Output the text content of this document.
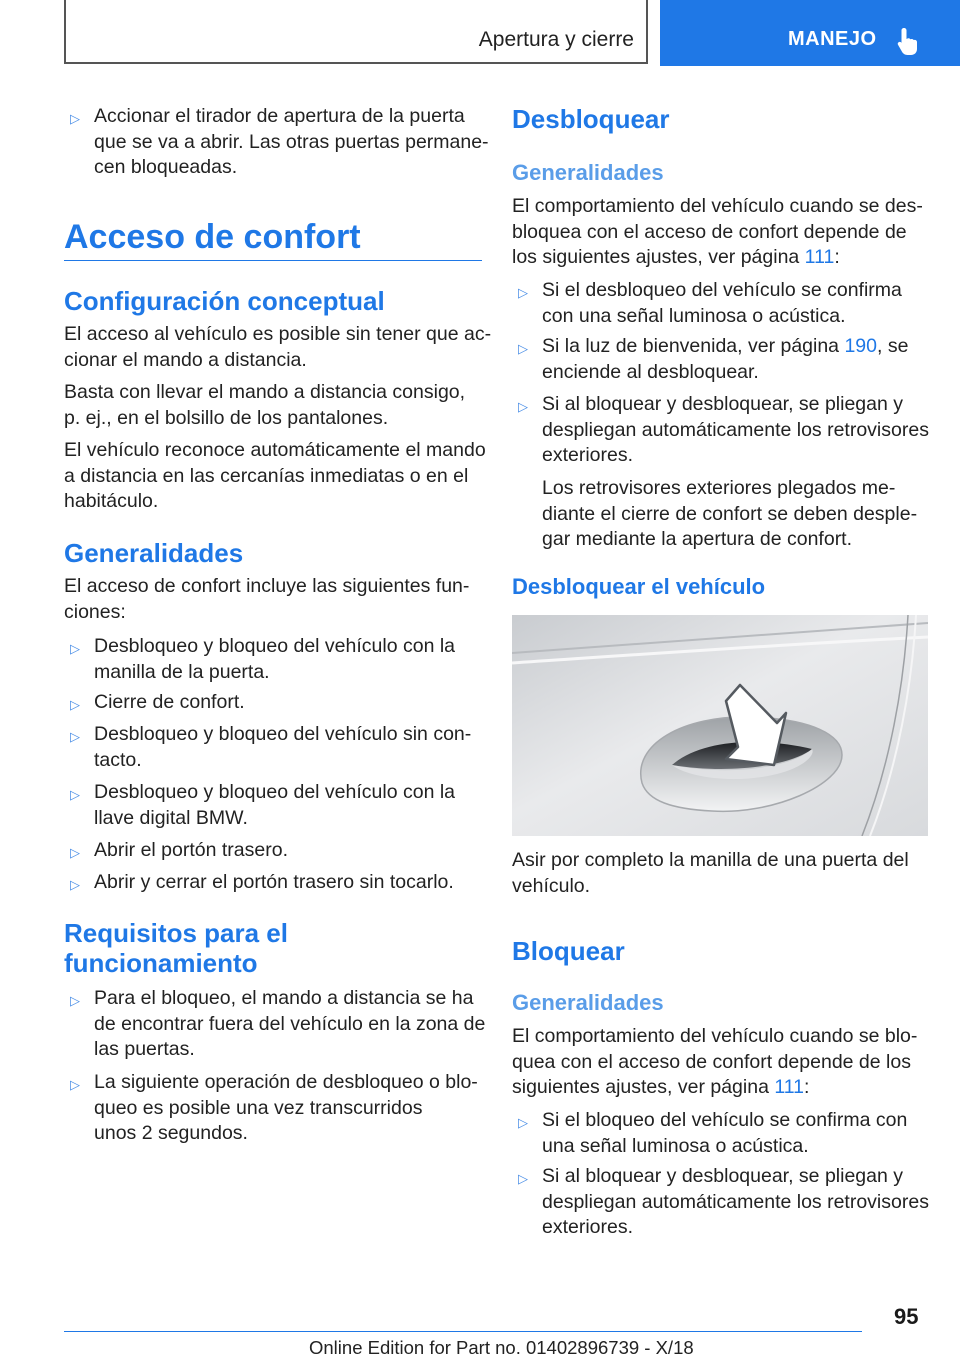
Apertura y cierre	MANEJO
▷ Accionar el tirador de apertura de la puerta
que se va a abrir. Las otras puertas permane-
cen bloqueadas.
Acceso de confort
Configuración conceptual
El acceso al vehículo es posible sin tener que ac-
cionar el mando a distancia.
Basta con llevar el mando a distancia consigo,
p. ej., en el bolsillo de los pantalones.
El vehículo reconoce automáticamente el mando
a distancia en las cercanías inmediatas o en el
habitáculo.
Generalidades
El acceso de confort incluye las siguientes fun-
ciones:
▷ Desbloqueo y bloqueo del vehículo con la
manilla de la puerta.
▷ Cierre de confort.
▷ Desbloqueo y bloqueo del vehículo sin con-
tacto.
▷ Desbloqueo y bloqueo del vehículo con la
llave digital BMW.
▷ Abrir el portón trasero.
▷ Abrir y cerrar el portón trasero sin tocarlo.
Requisitos para el
funcionamiento
▷ Para el bloqueo, el mando a distancia se ha
de encontrar fuera del vehículo en la zona de
las puertas.
▷ La siguiente operación de desbloqueo o blo-
queo es posible una vez transcurridos
unos 2 segundos.
Desbloquear
Generalidades
El comportamiento del vehículo cuando se des-
bloquea con el acceso de confort depende de
los siguientes ajustes, ver página 111:
▷ Si el desbloqueo del vehículo se confirma
con una señal luminosa o acústica.
▷ Si la luz de bienvenida, ver página 190, se
enciende al desbloquear.
▷ Si al bloquear y desbloquear, se pliegan y
despliegan automáticamente los retrovisores
exteriores.
Los retrovisores exteriores plegados me-
diante el cierre de confort se deben desple-
gar mediante la apertura de confort.
Desbloquear el vehículo
Asir por completo la manilla de una puerta del
vehículo.
Bloquear
Generalidades
El comportamiento del vehículo cuando se blo-
quea con el acceso de confort depende de los
siguientes ajustes, ver página 111:
▷ Si el bloqueo del vehículo se confirma con
una señal luminosa o acústica.
▷ Si al bloquear y desbloquear, se pliegan y
despliegan automáticamente los retrovisores
exteriores.
95
Online Edition for Part no. 01402896739 - X/18
